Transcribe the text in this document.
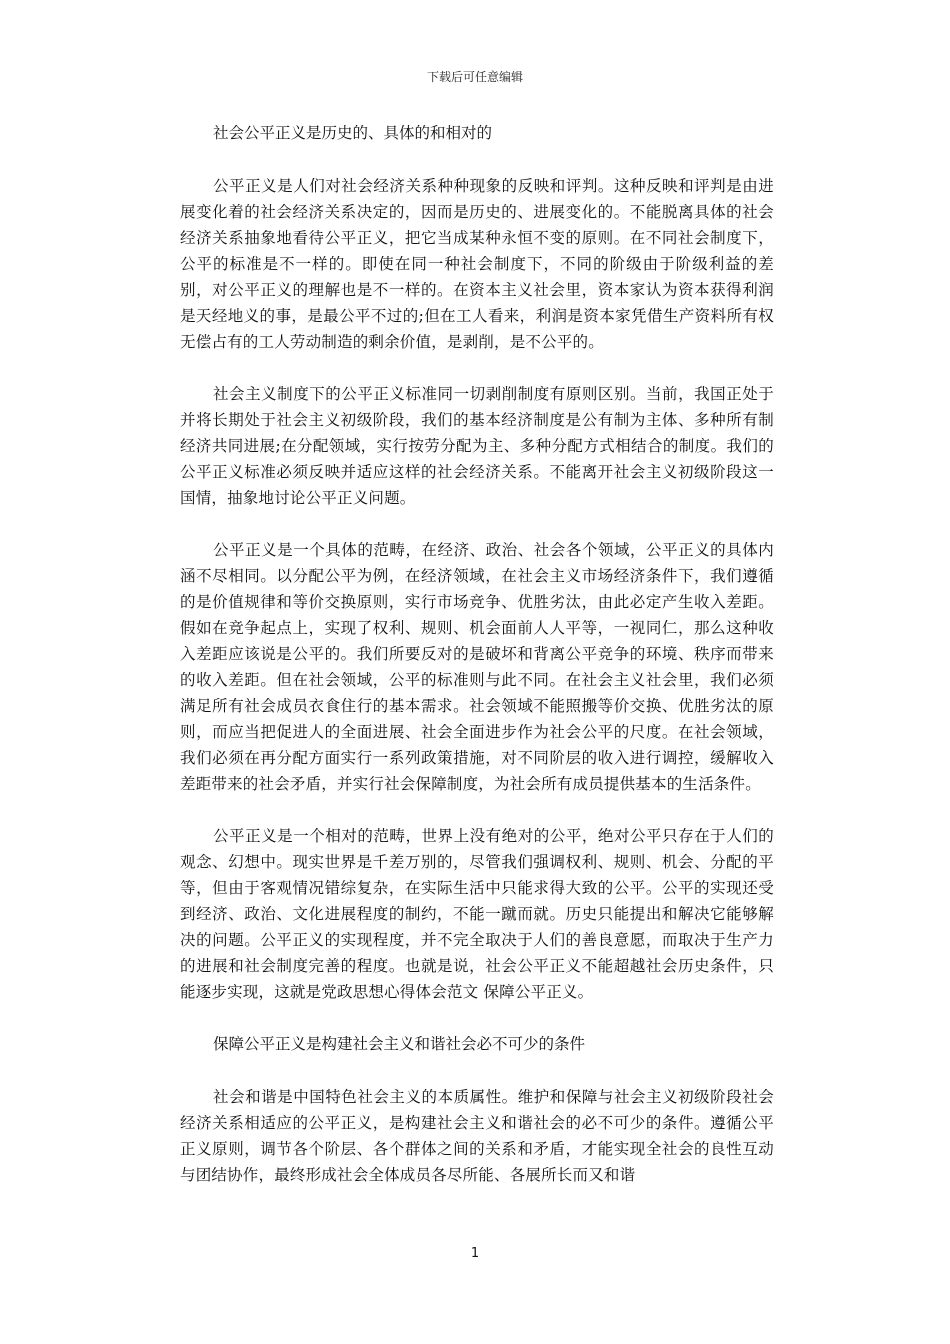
下载后可任意编辑

社会公平正义是历史的、具体的和相对的

公平正义是人们对社会经济关系种种现象的反映和评判。这种反映和评判是由进展变化着的社会经济关系决定的，因而是历史的、进展变化的。不能脱离具体的社会经济关系抽象地看待公平正义，把它当成某种永恒不变的原则。在不同社会制度下，公平的标准是不一样的。即使在同一种社会制度下，不同的阶级由于阶级利益的差别，对公平正义的理解也是不一样的。在资本主义社会里，资本家认为资本获得利润是天经地义的事，是最公平不过的;但在工人看来，利润是资本家凭借生产资料所有权无偿占有的工人劳动制造的剩余价值，是剥削，是不公平的。

社会主义制度下的公平正义标准同一切剥削制度有原则区别。当前，我国正处于并将长期处于社会主义初级阶段，我们的基本经济制度是公有制为主体、多种所有制经济共同进展;在分配领域，实行按劳分配为主、多种分配方式相结合的制度。我们的公平正义标准必须反映并适应这样的社会经济关系。不能离开社会主义初级阶段这一国情，抽象地讨论公平正义问题。

公平正义是一个具体的范畴，在经济、政治、社会各个领域，公平正义的具体内涵不尽相同。以分配公平为例，在经济领域，在社会主义市场经济条件下，我们遵循的是价值规律和等价交换原则，实行市场竞争、优胜劣汰，由此必定产生收入差距。假如在竞争起点上，实现了权利、规则、机会面前人人平等，一视同仁，那么这种收入差距应该说是公平的。我们所要反对的是破坏和背离公平竞争的环境、秩序而带来的收入差距。但在社会领域，公平的标准则与此不同。在社会主义社会里，我们必须满足所有社会成员衣食住行的基本需求。社会领域不能照搬等价交换、优胜劣汰的原则，而应当把促进人的全面进展、社会全面进步作为社会公平的尺度。在社会领域，我们必须在再分配方面实行一系列政策措施，对不同阶层的收入进行调控，缓解收入差距带来的社会矛盾，并实行社会保障制度，为社会所有成员提供基本的生活条件。

公平正义是一个相对的范畴，世界上没有绝对的公平，绝对公平只存在于人们的观念、幻想中。现实世界是千差万别的，尽管我们强调权利、规则、机会、分配的平等，但由于客观情况错综复杂，在实际生活中只能求得大致的公平。公平的实现还受到经济、政治、文化进展程度的制约，不能一蹴而就。历史只能提出和解决它能够解决的问题。公平正义的实现程度，并不完全取决于人们的善良意愿，而取决于生产力的进展和社会制度完善的程度。也就是说，社会公平正义不能超越社会历史条件，只能逐步实现，这就是党政思想心得体会范文 保障公平正义。

保障公平正义是构建社会主义和谐社会必不可少的条件

社会和谐是中国特色社会主义的本质属性。维护和保障与社会主义初级阶段社会经济关系相适应的公平正义，是构建社会主义和谐社会的必不可少的条件。遵循公平正义原则，调节各个阶层、各个群体之间的关系和矛盾，才能实现全社会的良性互动与团结协作，最终形成社会全体成员各尽所能、各展所长而又和谐

1
